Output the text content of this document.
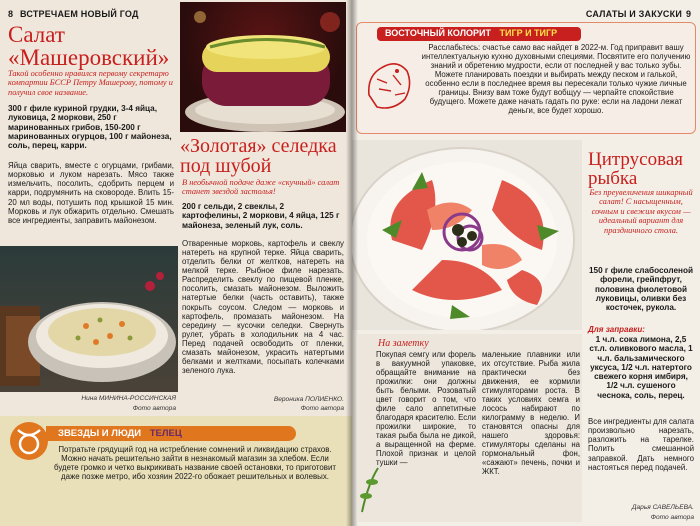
8 ВСТРЕЧАЕМ НОВЫЙ ГОД
Салат «Машеровский»
Такой особенно нравился первому секретарю компартии БССР Петру Машерову, потому и получил свое название.
300 г филе куриной грудки, 3-4 яйца, луковица, 2 моркови, 250 г маринованных грибов, 150-200 г маринованных огурцов, 100 г майонеза, соль, перец, карри.
Яйца сварить, вместе с огурцами, грибами, морковью и луком нарезать. Мясо также измельчить, посолить, сдобрить перцем и карри, подрумянить на сковороде. Влить 15-20 мл воды, потушить под крышкой 15 мин. Морковь и лук обжарить отдельно. Смешать все ингредиенты, заправить майонезом.
«Золотая» селедка под шубой
В необычной подаче даже «скучный» салат станет звездой застолья!
200 г сельди, 2 свеклы, 2 картофелины, 2 моркови, 4 яйца, 125 г майонеза, зеленый лук, соль.
Отваренные морковь, картофель и свеклу натереть на крупной терке. Яйца сварить, отделить белки от желтков, натереть на мелкой терке. Рыбное филе нарезать. Распределить свеклу по пищевой пленке, посолить, смазать майонезом. Выложить натертые белки (часть оставить), также покрыть соусом. Следом — морковь и картофель, промазать майонезом. На середину — кусочки селедки. Свернуть рулет, убрать в холодильник на 4 час. Перед подачей освободить от пленки, смазать майонезом, украсить натертыми белками и желтками, посыпать колечками зеленого лука.
Вероника ПОЛИЕНКО.
Фото автора
Нина МИНИНА-РОССИНСКАЯ
Фото автора
ЗВЕЗДЫ И ЛЮДИ ТЕЛЕЦ
Потратьте грядущий год на истребление сомнений и ликвидацию страхов. Можно начать решительно зайти в незнакомый магазин за хлебом. Если будете громко и четко выкрикивать название своей остановки, то приготовит даже позже метро, ибо хозяин 2022-го обожает решительных и волевых.
САЛАТЫ И ЗАКУСКИ 9
ВОСТОЧНЫЙ КОЛОРИТ ТИГР И ТИГР
Расслабьтесь: счастье само вас найдет в 2022-м. Год приправит вашу интеллектуальную кухню духовными специями. Посвятите его получению знаний и обретению мудрости, если от последней у вас только зубы. Можете планировать поездки и выбирать между песком и галькой, особенно если в последнее время вы пересекали только чужие личные границы. Внизу вам тоже будут вобщуу — черпайте спокойствие будущего. Можете даже начать гадать по руке: если на ладони лежат деньги, все будет хорошо.
Цитрусовая рыбка
Без преувеличения шикарный салат! С насыщенным, сочным и свежим вкусом — идеальный вариант для праздничного стола.
150 г филе слабосоленой форели, грейпфрут, половина фиолетовой луковицы, оливки без косточек, рукола.
Для заправки:
1 ч.л. сока лимона, 2,5 ст.л. оливкового масла, 1 ч.л. бальзамического уксуса, 1/2 ч.л. натертого свежего корня имбиря, 1/2 ч.л. сушеного чеснока, соль, перец.
Все ингредиенты для салата произвольно нарезать, разложить на тарелке. Полить смешанной заправкой. Дать немного настояться перед подачей.
Дарья САВЕЛЬЕВА.
Фото автора
На заметку
Покупая семгу или форель в вакуумной упаковке, обращайте внимание на прожилки: они должны быть белыми. Розоватый цвет говорит о том, что филе сало аппетитные благодаря красителю. Если прожилки широкие, то такая рыба была не дикой, а выращенной на ферме. Плохой признак и целой тушки —
маленькие плавники или их отсутствие. Рыба жила практически без движения, ее кормили стимуляторами роста. В таких условиях семга и лосось набирают по килограмму в неделю. И становятся опасны для нашего здоровья: стимуляторы сделаны на гормональный фон, «сажают» печень, почки и ЖКТ.
